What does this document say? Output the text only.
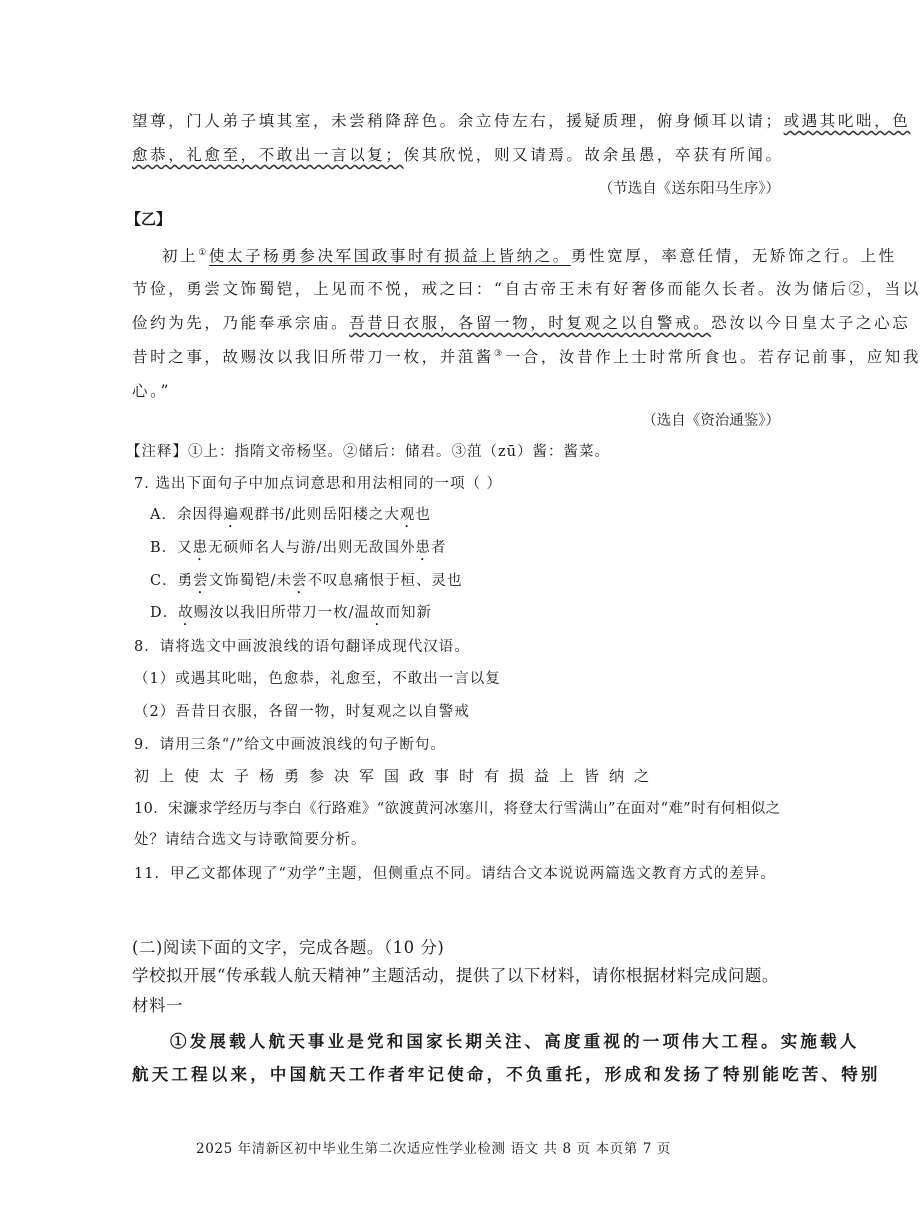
望尊，门人弟子填其室，未尝稍降辞色。余立侍左右，援疑质理，俯身倾耳以请；或遇其叱咄，色
愈恭，礼愈至，不敢出一言以复；俟其欣悦，则又请焉。故余虽愚，卒获有所闻。
（节选自《送东阳马生序》）
【乙】
初上①使太子杨勇参决军国政事时有损益上皆纳之。勇性宽厚，率意任情，无矫饰之行。上性
节俭，勇尝文饰蜀铠，上见而不悦，戒之曰：“自古帝王未有好奢侈而能久长者。汝为储后②，当以
俭约为先，乃能奉承宗庙。吾昔日衣服，各留一物，时复观之以自警戒。恐汝以今日皇太子之心忘
昔时之事，故赐汝以我旧所带刀一枚，并菹酱③一合，汝昔作上士时常所食也。若存记前事，应知我
心。”
（选自《资治通鉴》）
【注释】①上：指隋文帝杨坚。②储后：储君。③菹（zū）酱：酱菜。
7. 选出下面句子中加点词意思和用法相同的一项（ ）
A．余因得遍观群书/此则岳阳楼之大观也
B．又患无硕师名人与游/出则无敌国外患者
C．勇尝文饰蜀铠/未尝不叹息痛恨于桓、灵也
D．故赐汝以我旧所带刀一枚/温故而知新
8．请将选文中画波浪线的语句翻译成现代汉语。
（1）或遇其叱咄，色愈恭，礼愈至，不敢出一言以复
（2）吾昔日衣服，各留一物，时复观之以自警戒
9．请用三条“/”给文中画波浪线的句子断句。
初上使太子杨勇参决军国政事时有损益上皆纳之
10．宋濂求学经历与李白《行路难》“欲渡黄河冰塞川，将登太行雪满山”在面对“难”时有何相似之
处？请结合选文与诗歌简要分析。
11．甲乙文都体现了“劝学”主题，但侧重点不同。请结合文本说说两篇选文教育方式的差异。
(二)阅读下面的文字，完成各题。（10 分)
学校拟开展“传承载人航天精神”主题活动，提供了以下材料，请你根据材料完成问题。
材料一
①发展载人航天事业是党和国家长期关注、高度重视的一项伟大工程。实施载人
航天工程以来，中国航天工作者牢记使命，不负重托，形成和发扬了特别能吃苦、特别
2025 年清新区初中毕业生第二次适应性学业检测 语文 共 8 页 本页第 7 页
